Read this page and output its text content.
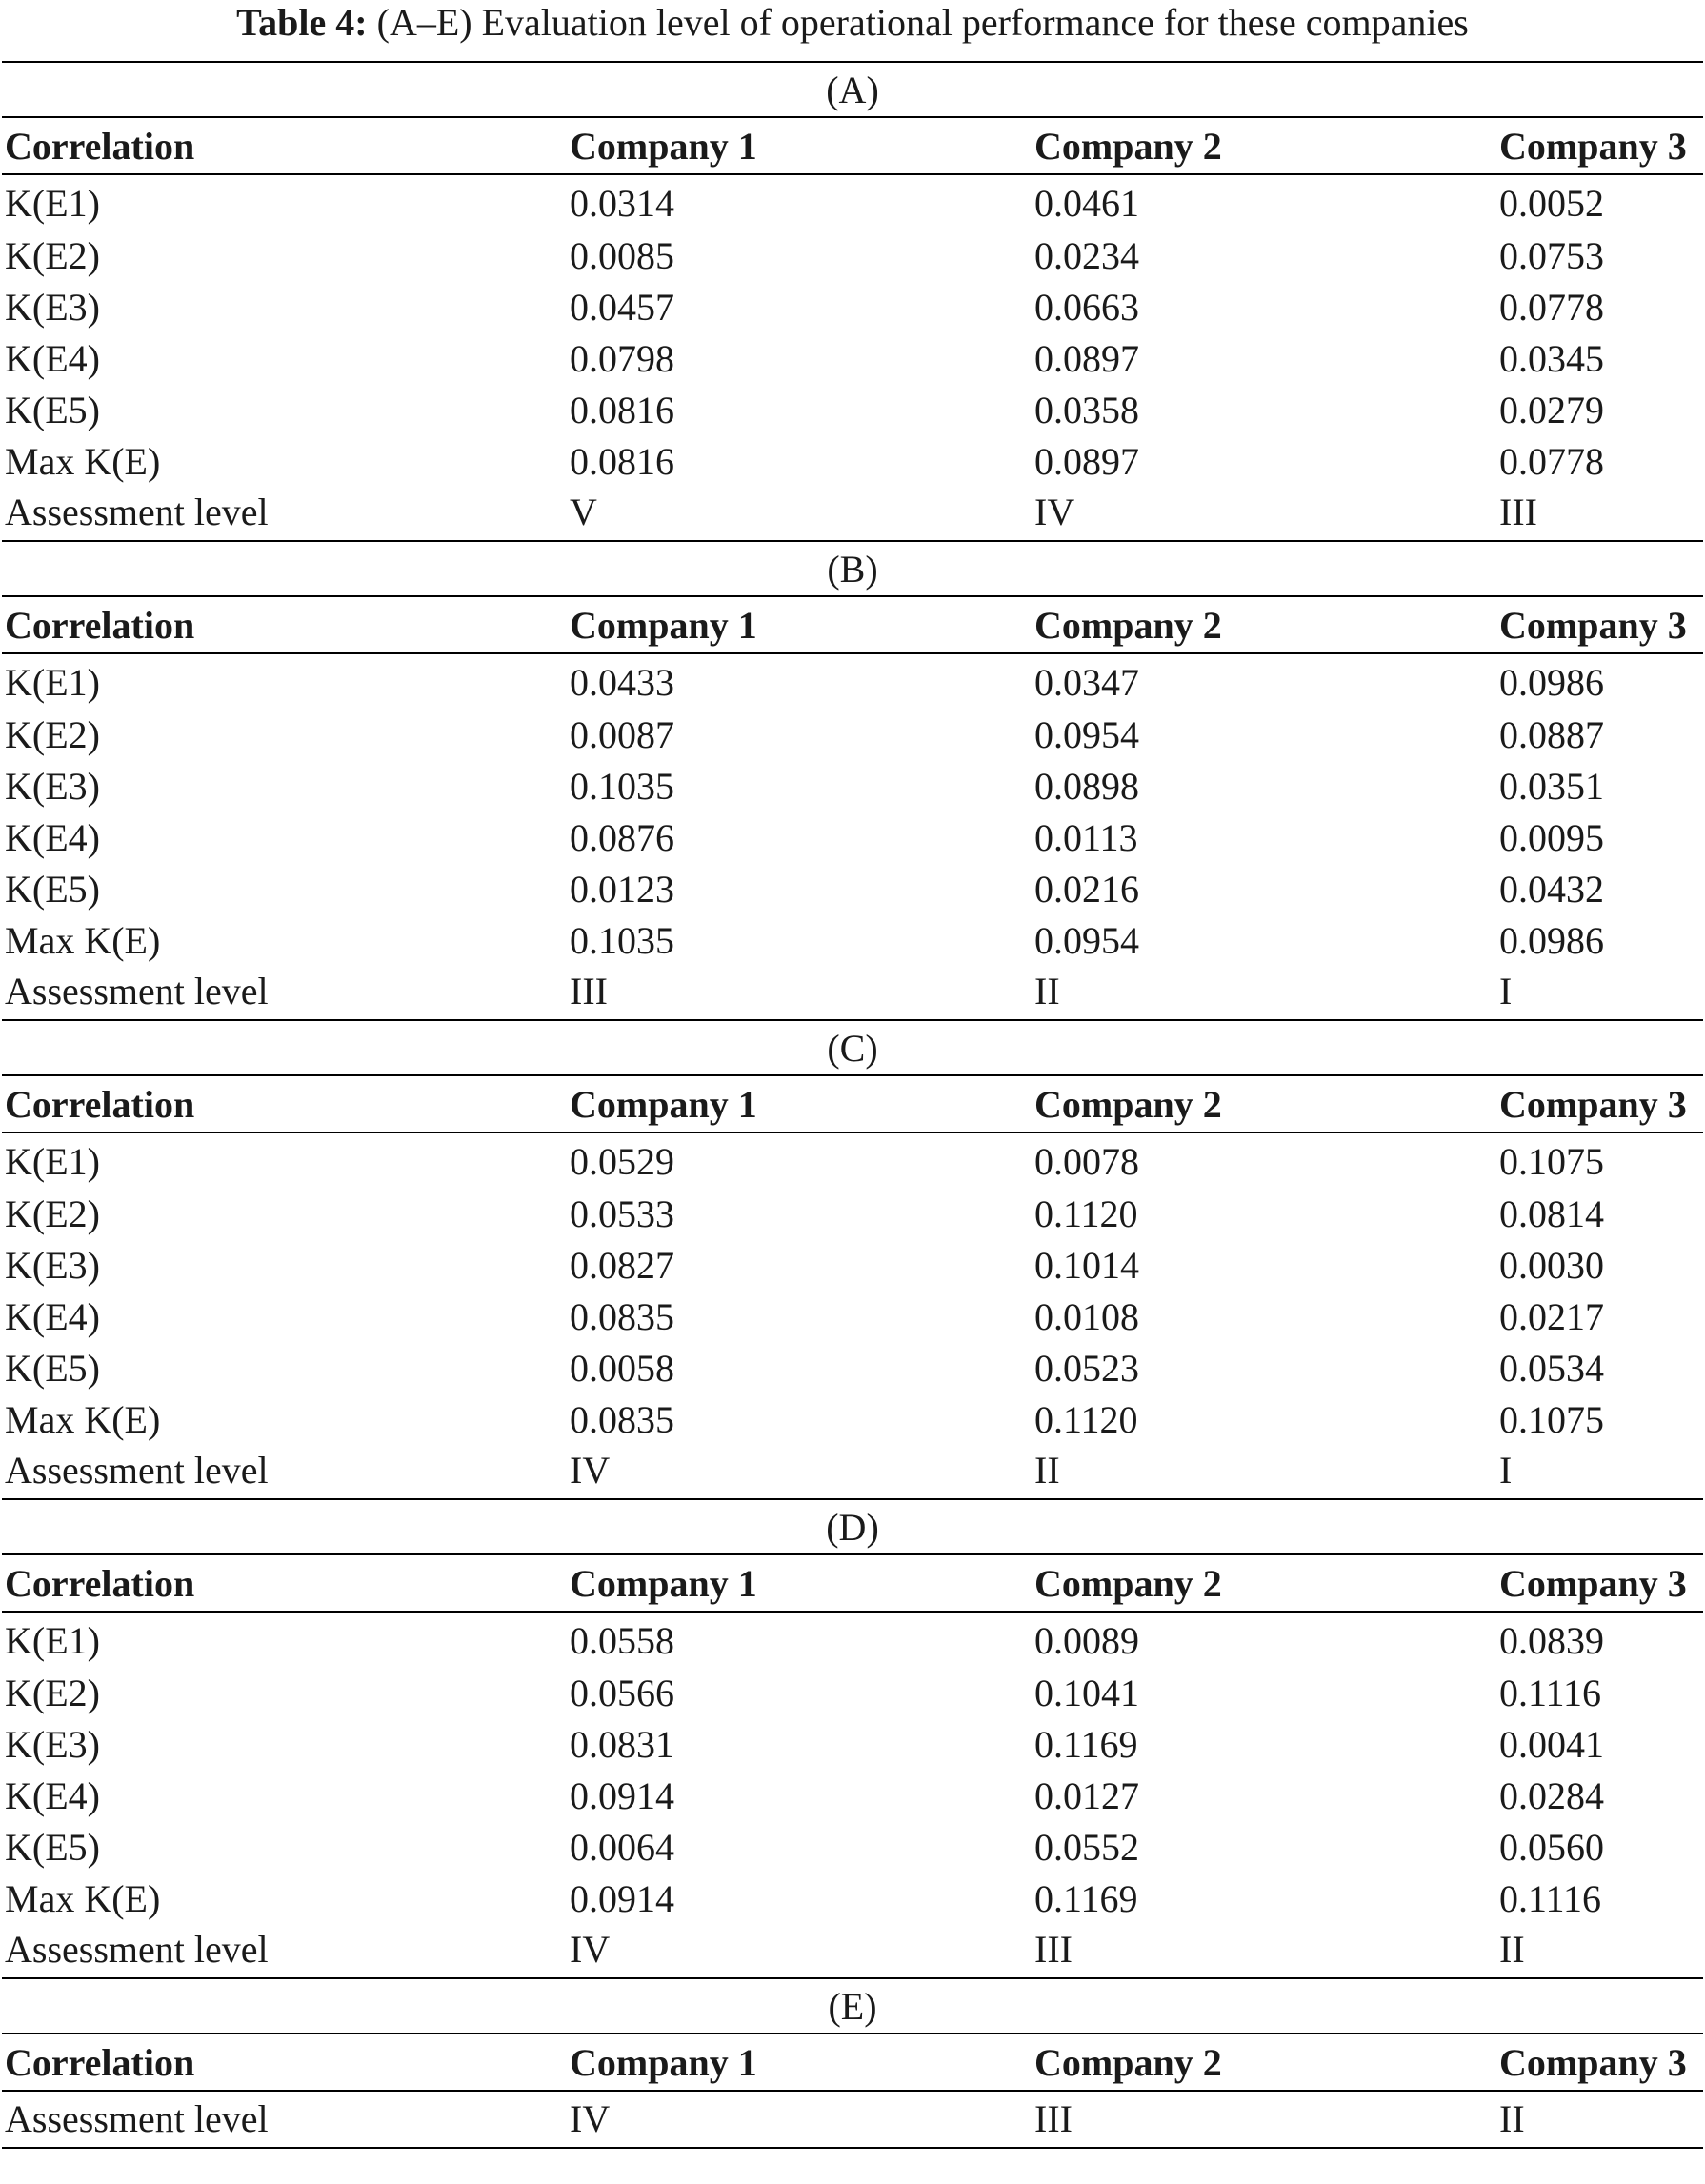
Table 4: (A–E) Evaluation level of operational performance for these companies
(A)
Correlation	Company 1	Company 2	Company 3
K(E1)	0.0314	0.0461	0.0052
K(E2)	0.0085	0.0234	0.0753
K(E3)	0.0457	0.0663	0.0778
K(E4)	0.0798	0.0897	0.0345
K(E5)	0.0816	0.0358	0.0279
Max K(E)	0.0816	0.0897	0.0778
Assessment level	V	IV	III
(B)
Correlation	Company 1	Company 2	Company 3
K(E1)	0.0433	0.0347	0.0986
K(E2)	0.0087	0.0954	0.0887
K(E3)	0.1035	0.0898	0.0351
K(E4)	0.0876	0.0113	0.0095
K(E5)	0.0123	0.0216	0.0432
Max K(E)	0.1035	0.0954	0.0986
Assessment level	III	II	I
(C)
Correlation	Company 1	Company 2	Company 3
K(E1)	0.0529	0.0078	0.1075
K(E2)	0.0533	0.1120	0.0814
K(E3)	0.0827	0.1014	0.0030
K(E4)	0.0835	0.0108	0.0217
K(E5)	0.0058	0.0523	0.0534
Max K(E)	0.0835	0.1120	0.1075
Assessment level	IV	II	I
(D)
Correlation	Company 1	Company 2	Company 3
K(E1)	0.0558	0.0089	0.0839
K(E2)	0.0566	0.1041	0.1116
K(E3)	0.0831	0.1169	0.0041
K(E4)	0.0914	0.0127	0.0284
K(E5)	0.0064	0.0552	0.0560
Max K(E)	0.0914	0.1169	0.1116
Assessment level	IV	III	II
(E)
Correlation	Company 1	Company 2	Company 3
Assessment level	IV	III	II
